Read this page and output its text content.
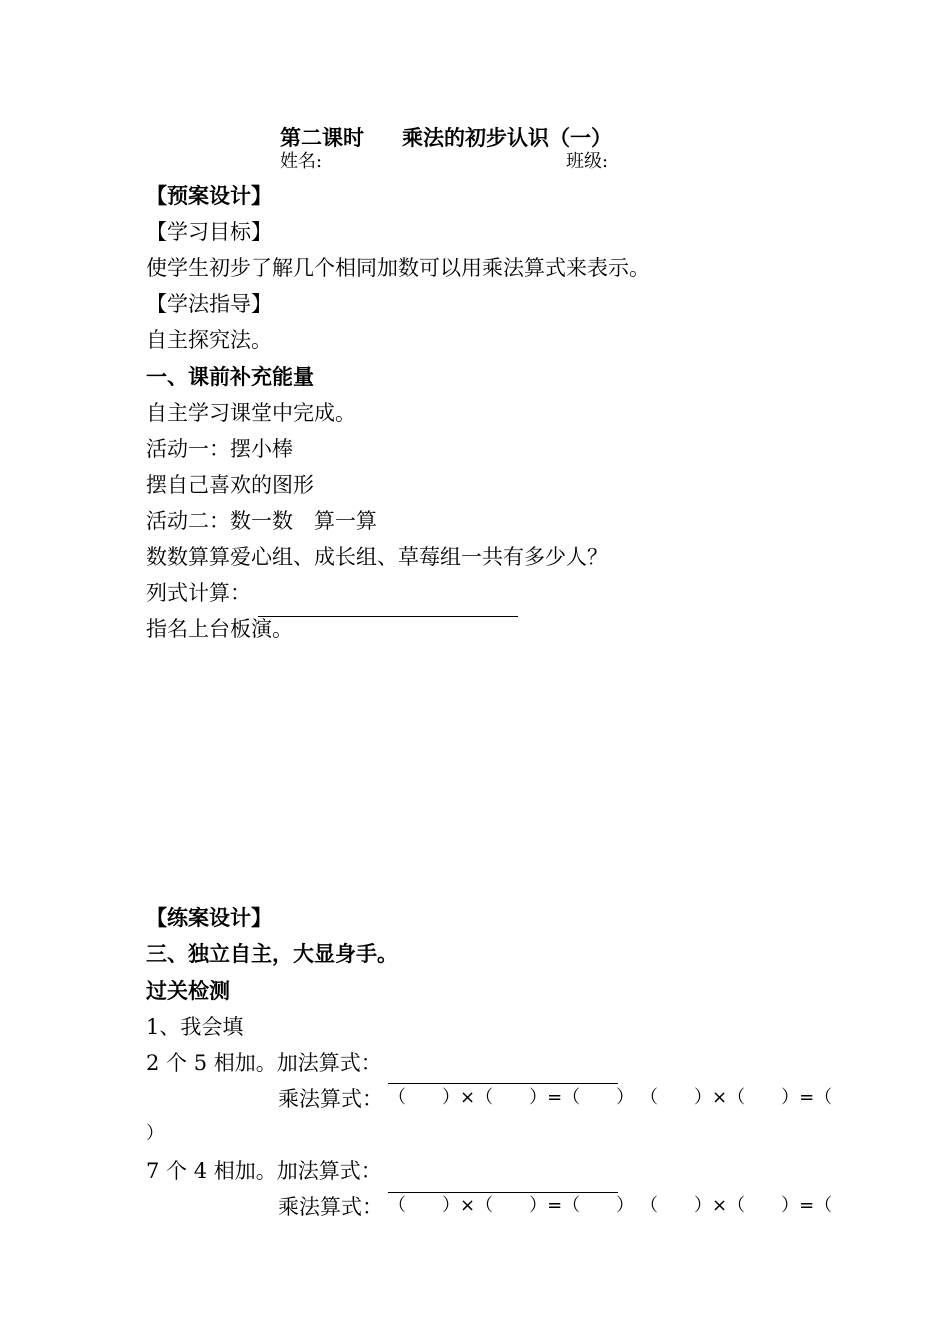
第二课时 乘法的初步认识（一）
姓名:	班级:
【预案设计】
【学习目标】
使学生初步了解几个相同加数可以用乘法算式来表示。
【学法指导】
自主探究法。
一、课前补充能量
自主学习课堂中完成。
活动一：摆小棒
摆自己喜欢的图形
活动二：数一数　算一算
数数算算爱心组、成长组、草莓组一共有多少人？
列式计算：
指名上台板演。
【练案设计】
三、独立自主，大显身手。
过关检测
1、我会填
2 个 5 相加。加法算式：
乘法算式： （　　）×（　　）=（　　） （　　）×（　　）=（
）
7 个 4 相加。加法算式：
乘法算式： （　　）×（　　）=（　　） （　　）×（　　）=（
